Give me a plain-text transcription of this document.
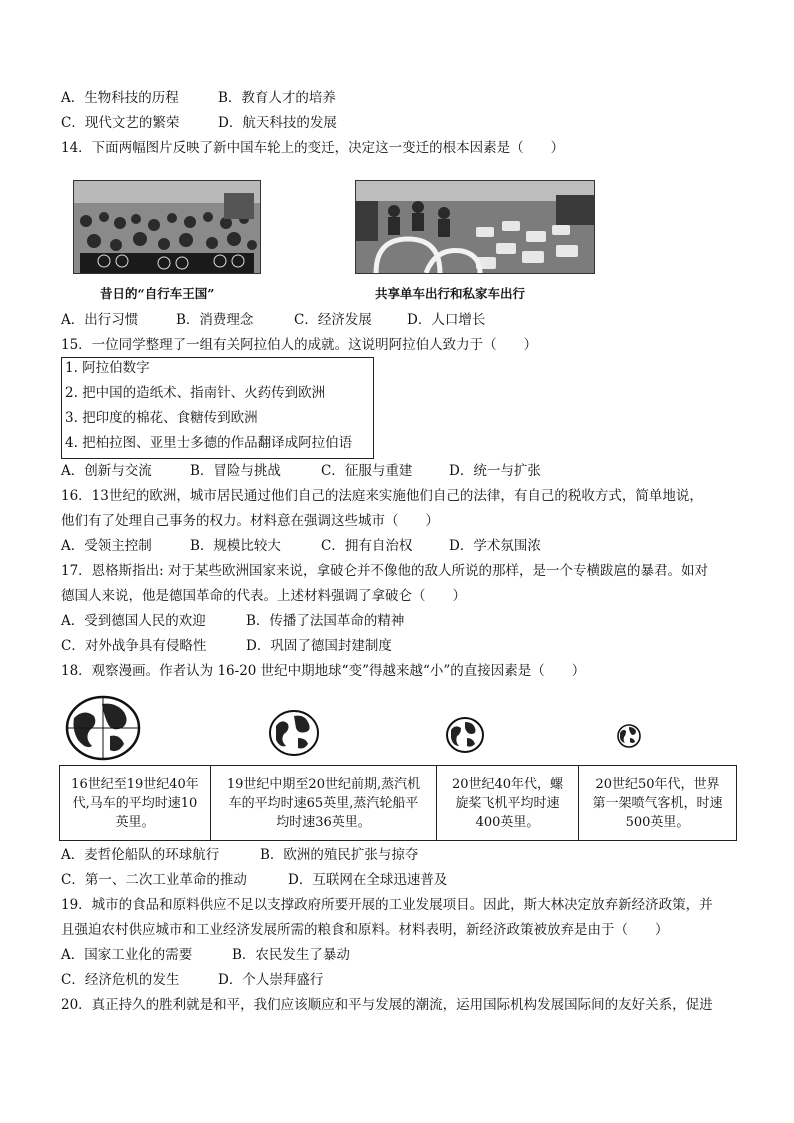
A．生物科技的历程	B．教育人才的培养
C．现代文艺的繁荣	D．航天科技的发展
14．下面两幅图片反映了新中国车轮上的变迁，决定这一变迁的根本因素是（　　）
昔日的“自行车王国”	共享单车出行和私家车出行
A．出行习惯	B．消费理念	C．经济发展	D．人口增长
15．一位同学整理了一组有关阿拉伯人的成就。这说明阿拉伯人致力于（　　）
1. 阿拉伯数字
2. 把中国的造纸术、指南针、火药传到欧洲
3. 把印度的棉花、食糖传到欧洲
4. 把柏拉图、亚里士多德的作品翻译成阿拉伯语
A．创新与交流	B．冒险与挑战	C．征服与重建	D．统一与扩张
16．13世纪的欧洲，城市居民通过他们自己的法庭来实施他们自己的法律，有自己的税收方式，简单地说，
他们有了处理自己事务的权力。材料意在强调这些城市（　　）
A．受领主控制	B．规模比较大	C．拥有自治权	D．学术氛围浓
17．恩格斯指出: 对于某些欧洲国家来说，拿破仑并不像他的敌人所说的那样，是一个专横跋扈的暴君。如对
德国人来说，他是德国革命的代表。上述材料强调了拿破仑（　　）
A．受到德国人民的欢迎	B．传播了法国革命的精神
C．对外战争具有侵略性	D．巩固了德国封建制度
18．观察漫画。作者认为 16-20 世纪中期地球“变”得越来越“小”的直接因素是（　　）
16世纪至19世纪40年
代,马车的平均时速10
英里。

19世纪中期至20世纪前期,蒸汽机
车的平均时速65英里,蒸汽轮船平
均时速36英里。

20世纪40年代，螺
旋桨飞机平均时速
400英里。

20世纪50年代，世界
第一架喷气客机，时速
500英里。
A．麦哲伦船队的环球航行	B．欧洲的殖民扩张与掠夺
C．第一、二次工业革命的推动	D．互联网在全球迅速普及
19．城市的食品和原料供应不足以支撑政府所要开展的工业发展项目。因此，斯大林决定放弃新经济政策，并
且强迫农村供应城市和工业经济发展所需的粮食和原料。材料表明，新经济政策被放弃是由于（　　）
A．国家工业化的需要	B．农民发生了暴动
C．经济危机的发生	D．个人崇拜盛行
20．真正持久的胜利就是和平，我们应该顺应和平与发展的潮流，运用国际机构发展国际间的友好关系，促进
